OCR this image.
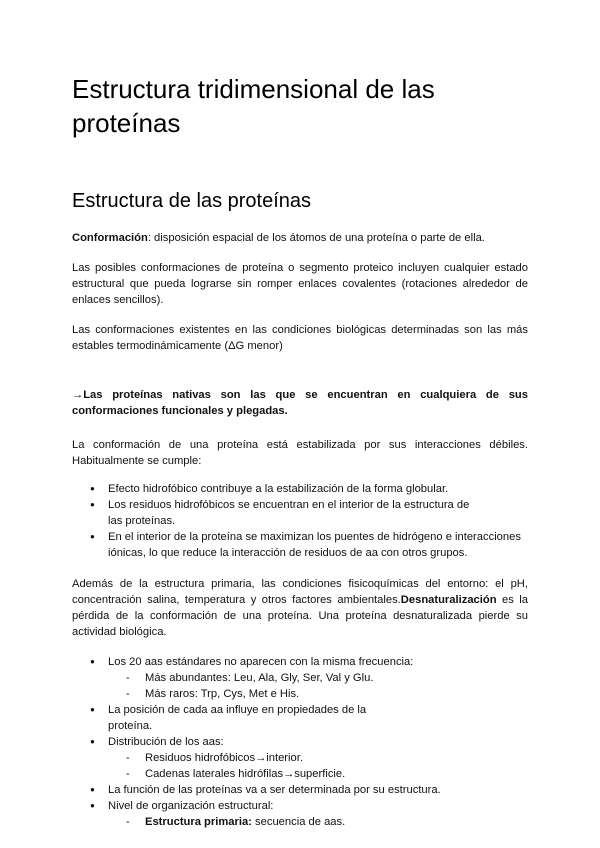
Estructura tridimensional de las proteínas
Estructura de las proteínas

Conformación: disposición espacial de los átomos de una proteína o parte de ella.

Las posibles conformaciones de proteína o segmento proteico incluyen cualquier estado estructural que pueda lograrse sin romper enlaces covalentes (rotaciones alrededor de enlaces sencillos).

Las conformaciones existentes en las condiciones biológicas determinadas son las más estables termodinámicamente (ΔG menor)

→Las proteínas nativas son las que se encuentran en cualquiera de sus conformaciones funcionales y plegadas.

La conformación de una proteína está estabilizada por sus interacciones débiles. Habitualmente se cumple:

● Efecto hidrofóbico contribuye a la estabilización de la forma globular.
● Los residuos hidrofóbicos se encuentran en el interior de la estructura de las proteínas.
● En el interior de la proteína se maximizan los puentes de hidrógeno e interacciones iónicas, lo que reduce la interacción de residuos de aa con otros grupos.

Además de la estructura primaria, las condiciones fisicoquímicas del entorno: el pH, concentración salina, temperatura y otros factores ambientales.Desnaturalización es la pérdida de la conformación de una proteína. Una proteína desnaturalizada pierde su actividad biológica.

● Los 20 aas estándares no aparecen con la misma frecuencia:
- Más abundantes: Leu, Ala, Gly, Ser, Val y Glu.
- Más raros: Trp, Cys, Met e His.
● La posición de cada aa influye en propiedades de la proteína.
● Distribución de los aas:
- Residuos hidrofóbicos→interior.
- Cadenas laterales hidrófilas→superficie.
● La función de las proteínas va a ser determinada por su estructura.
● Nivel de organización estructural:
- Estructura primaria: secuencia de aas.
